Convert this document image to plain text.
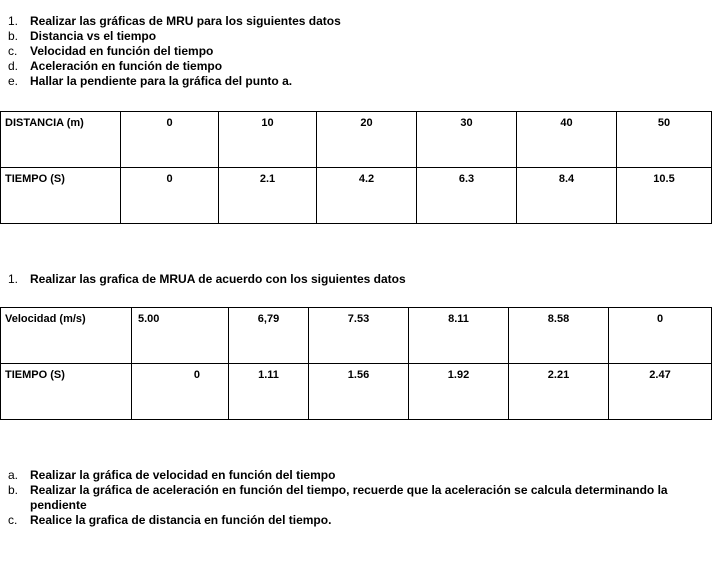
1. Realizar las gráficas de MRU para los siguientes datos
b. Distancia vs el tiempo
c. Velocidad en función del tiempo
d. Aceleración en función de tiempo
e. Hallar la pendiente para la gráfica del punto a.
DISTANCIA (m)	0	10	20	30	40	50
TIEMPO (S)	0	2.1	4.2	6.3	8.4	10.5
1. Realizar las grafica de MRUA de acuerdo con los siguientes datos
Velocidad (m/s)	5.00	6,79	7.53	8.11	8.58	0
TIEMPO (S)	0	1.11	1.56	1.92	2.21	2.47
a. Realizar la gráfica de velocidad en función del tiempo
b. Realizar la gráfica de aceleración en función del tiempo, recuerde que la aceleración se calcula determinando la pendiente
c. Realice la grafica de distancia en función del tiempo.
